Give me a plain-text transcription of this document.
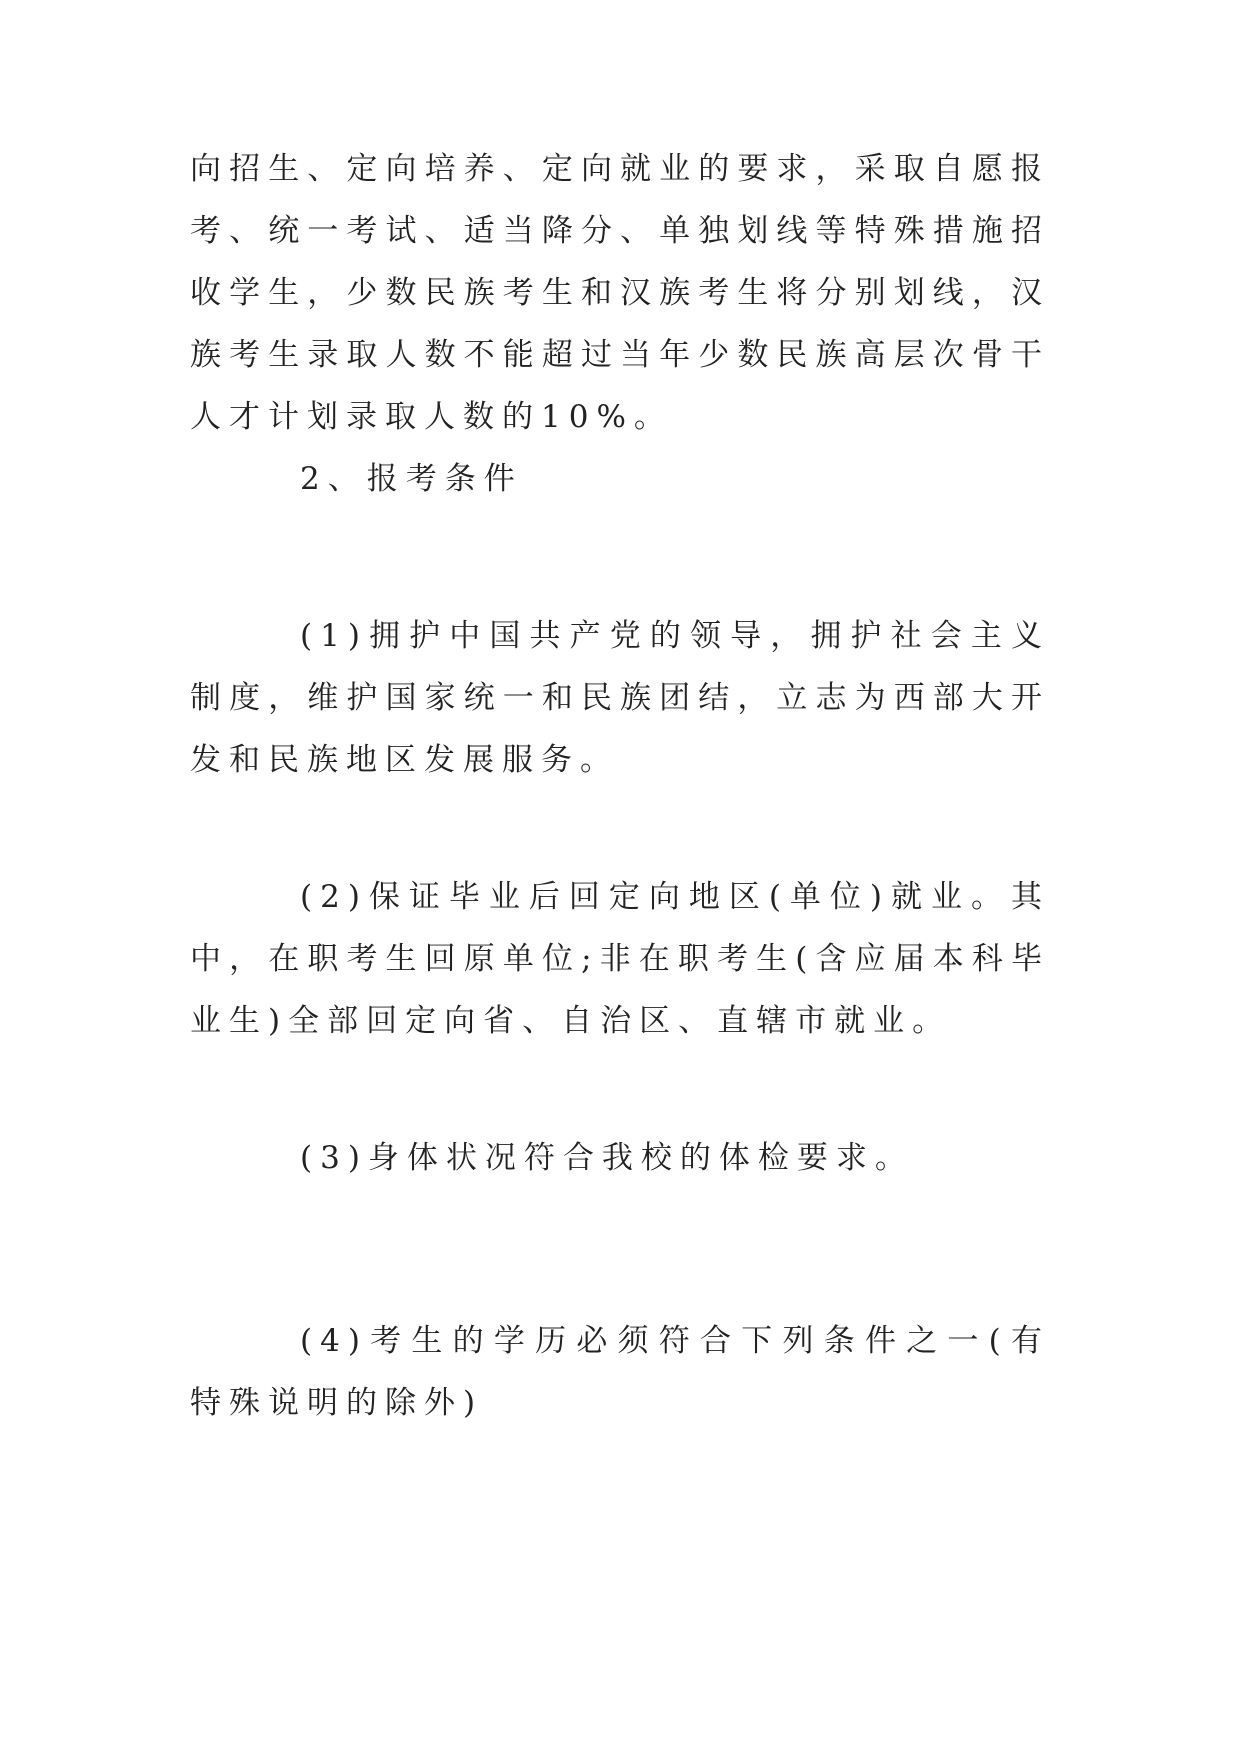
向招生、定向培养、定向就业的要求，采取自愿报考、统一考试、适当降分、单独划线等特殊措施招收学生，少数民族考生和汉族考生将分别划线，汉族考生录取人数不能超过当年少数民族高层次骨干人才计划录取人数的10%。

2、报考条件

(1)拥护中国共产党的领导，拥护社会主义制度，维护国家统一和民族团结，立志为西部大开发和民族地区发展服务。

(2)保证毕业后回定向地区(单位)就业。其中，在职考生回原单位;非在职考生(含应届本科毕业生)全部回定向省、自治区、直辖市就业。

(3)身体状况符合我校的体检要求。

(4)考生的学历必须符合下列条件之一(有特殊说明的除外)
